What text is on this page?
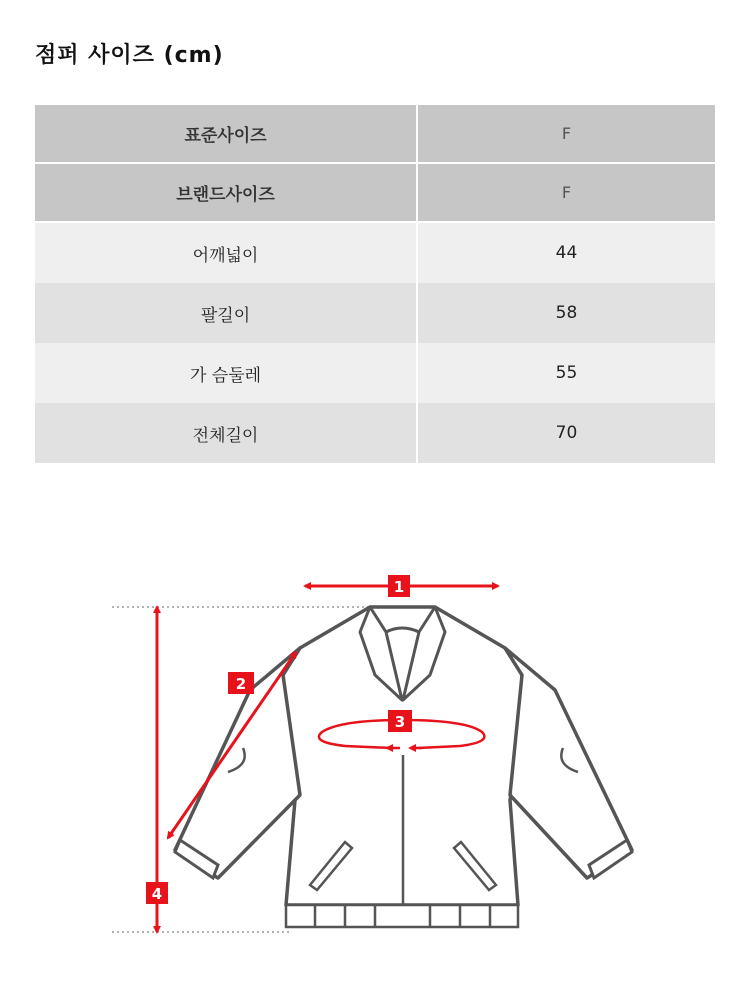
점퍼 사이즈 (cm)
표준사이즈	F
브랜드사이즈	F
어깨넓이	44
팔길이	58
가 슴둘레	55
전체길이	70
1
2
3
4
